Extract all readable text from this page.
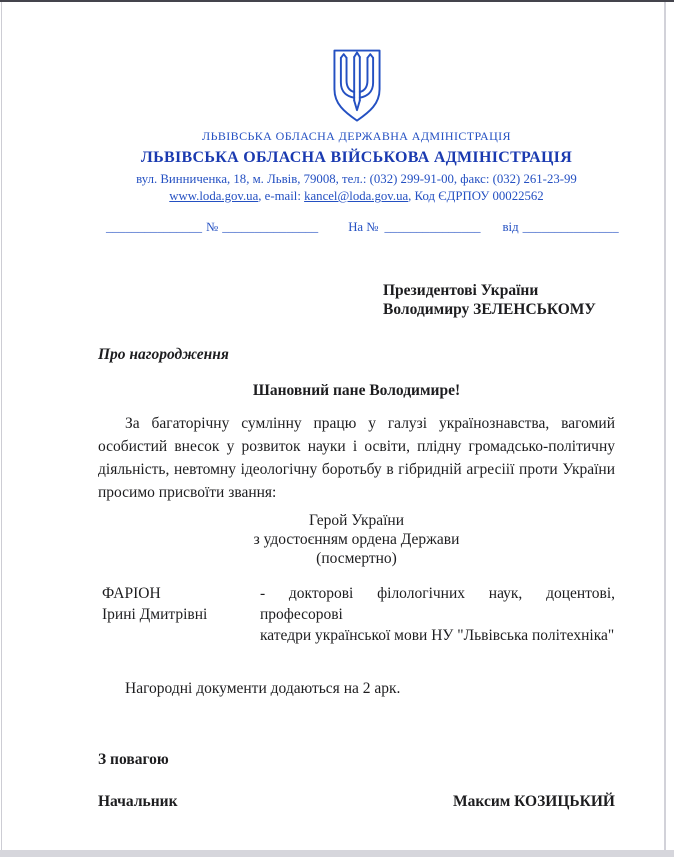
ЛЬВІВСЬКА ОБЛАСНА ДЕРЖАВНА АДМІНІСТРАЦІЯ
ЛЬВІВСЬКА ОБЛАСНА ВІЙСЬКОВА АДМІНІСТРАЦІЯ
вул. Винниченка, 18, м. Львів, 79008, тел.: (032) 299-91-00, факс: (032) 261-23-99
www.loda.gov.ua, e-mail: kancel@loda.gov.ua, Код ЄДРПОУ 00022562
_______________ № _______________ На № _______________ від _______________
Президентові України
Володимиру ЗЕЛЕНСЬКОМУ
Про нагородження
Шановний пане Володимире!
За багаторічну сумлінну працю у галузі українознавства, вагомий
особистий внесок у розвиток науки і освіти, плідну громадсько-політичну
діяльність, невтомну ідеологічну боротьбу в гібридній агресіії проти України
просимо присвоїти звання:
Герой України
з удостоєнням ордена Держави
(посмертно)
ФАРІОН
Ірині Дмитрівні
- докторові філологічних наук, доцентові, професорові
катедри української мови НУ "Львівська політехніка"
Нагородні документи додаються на 2 арк.
З повагою
Начальник	Максим КОЗИЦЬКИЙ
